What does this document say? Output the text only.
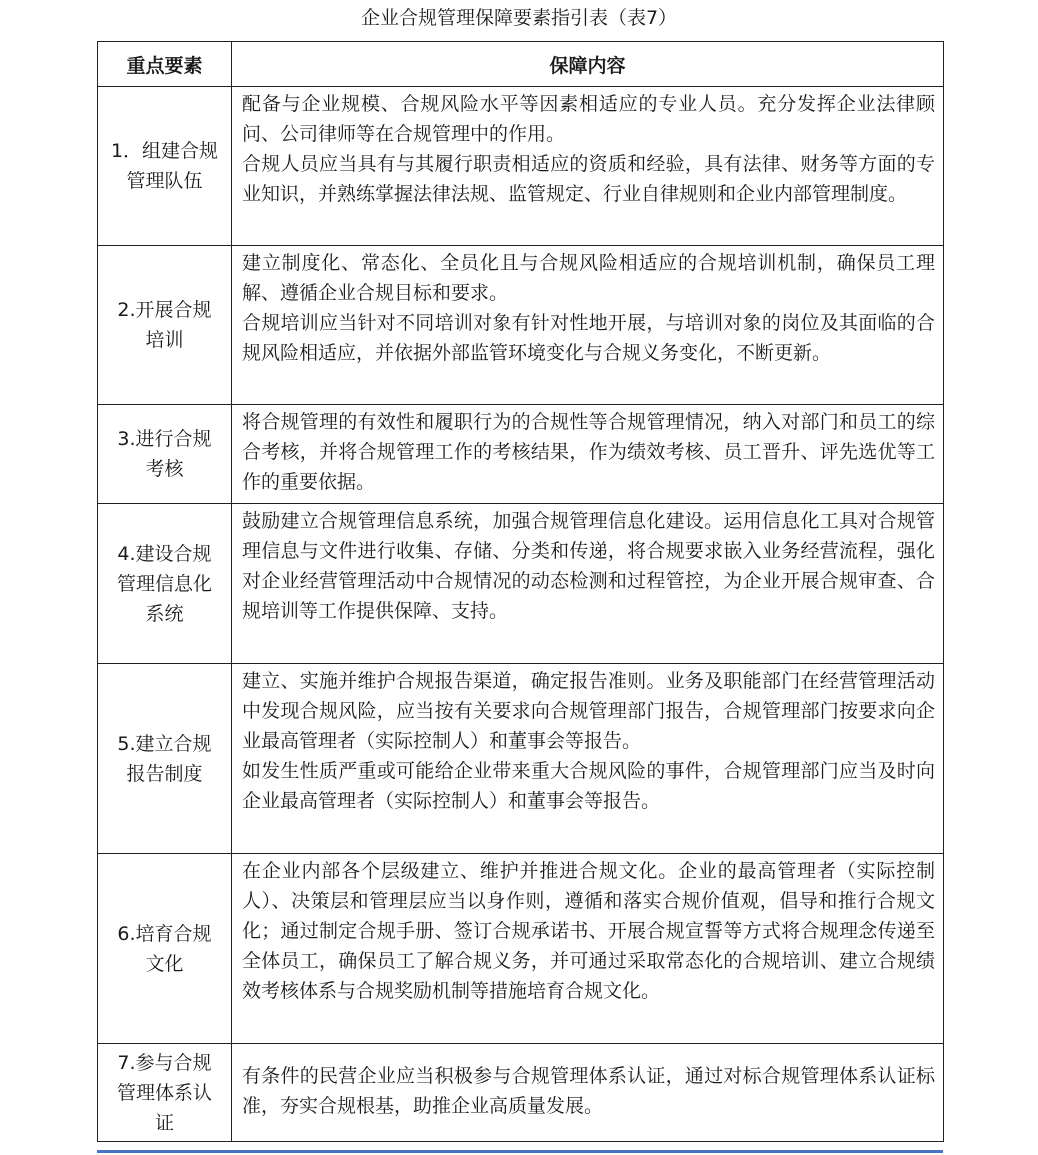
企业合规管理保障要素指引表（表7）
重点要素	保障内容
1．组建合规管理队伍	配备与企业规模、合规风险水平等因素相适应的专业人员。充分发挥企业法律顾问、公司律师等在合规管理中的作用。
合规人员应当具有与其履行职责相适应的资质和经验，具有法律、财务等方面的专业知识，并熟练掌握法律法规、监管规定、行业自律规则和企业内部管理制度。

2.开展合规培训	建立制度化、常态化、全员化且与合规风险相适应的合规培训机制，确保员工理解、遵循企业合规目标和要求。
合规培训应当针对不同培训对象有针对性地开展，与培训对象的岗位及其面临的合规风险相适应，并依据外部监管环境变化与合规义务变化，不断更新。

3.进行合规考核	将合规管理的有效性和履职行为的合规性等合规管理情况，纳入对部门和员工的综合考核，并将合规管理工作的考核结果，作为绩效考核、员工晋升、评先选优等工作的重要依据。

4.建设合规管理信息化系统	鼓励建立合规管理信息系统，加强合规管理信息化建设。运用信息化工具对合规管理信息与文件进行收集、存储、分类和传递，将合规要求嵌入业务经营流程，强化对企业经营管理活动中合规情况的动态检测和过程管控，为企业开展合规审查、合规培训等工作提供保障、支持。

5.建立合规报告制度	建立、实施并维护合规报告渠道，确定报告准则。业务及职能部门在经营管理活动中发现合规风险，应当按有关要求向合规管理部门报告，合规管理部门按要求向企业最高管理者（实际控制人）和董事会等报告。
如发生性质严重或可能给企业带来重大合规风险的事件，合规管理部门应当及时向企业最高管理者（实际控制人）和董事会等报告。

6.培育合规文化	在企业内部各个层级建立、维护并推进合规文化。企业的最高管理者（实际控制人）、决策层和管理层应当以身作则，遵循和落实合规价值观，倡导和推行合规文化；通过制定合规手册、签订合规承诺书、开展合规宣誓等方式将合规理念传递至全体员工，确保员工了解合规义务，并可通过采取常态化的合规培训、建立合规绩效考核体系与合规奖励机制等措施培育合规文化。

7.参与合规管理体系认证	有条件的民营企业应当积极参与合规管理体系认证，通过对标合规管理体系认证标准，夯实合规根基，助推企业高质量发展。
